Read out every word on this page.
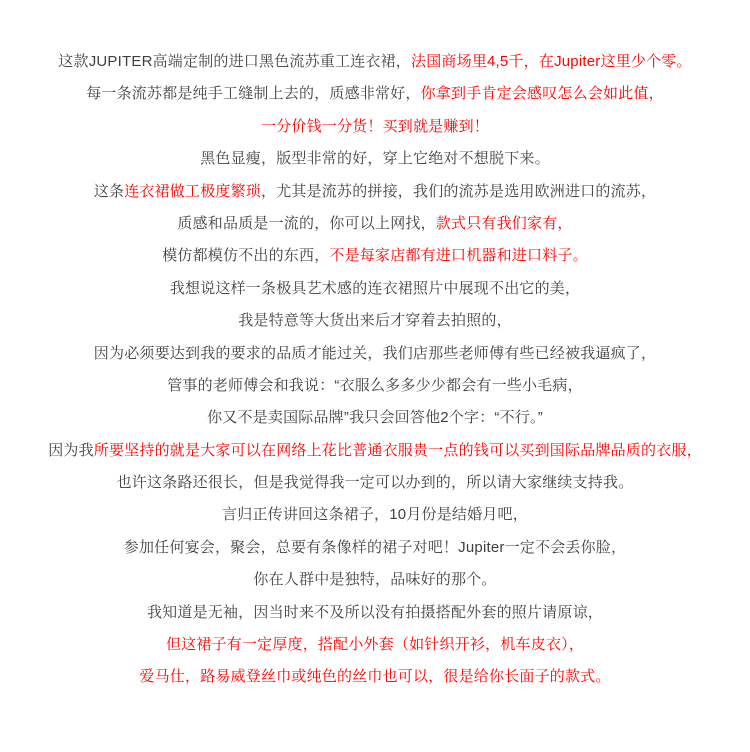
这款JUPITER高端定制的进口黑色流苏重工连衣裙，法国商场里4,5千，在Jupiter这里少个零。
每一条流苏都是纯手工缝制上去的，质感非常好，你拿到手肯定会感叹怎么会如此值，
一分价钱一分货！买到就是赚到！
黑色显瘦，版型非常的好，穿上它绝对不想脱下来。
这条连衣裙做工极度繁琐，尤其是流苏的拼接，我们的流苏是选用欧洲进口的流苏，
质感和品质是一流的，你可以上网找，款式只有我们家有，
模仿都模仿不出的东西，不是每家店都有进口机器和进口料子。
我想说这样一条极具艺术感的连衣裙照片中展现不出它的美，
我是特意等大货出来后才穿着去拍照的，
因为必须要达到我的要求的品质才能过关，我们店那些老师傅有些已经被我逼疯了，
管事的老师傅会和我说：“衣服么多多少少都会有一些小毛病，
你又不是卖国际品牌”我只会回答他2个字：“不行。”
因为我所要坚持的就是大家可以在网络上花比普通衣服贵一点的钱可以买到国际品牌品质的衣服，
也许这条路还很长，但是我觉得我一定可以办到的，所以请大家继续支持我。
言归正传讲回这条裙子，10月份是结婚月吧，
参加任何宴会，聚会，总要有条像样的裙子对吧！Jupiter一定不会丢你脸，
你在人群中是独特，品味好的那个。
我知道是无袖，因当时来不及所以没有拍摄搭配外套的照片请原谅，
但这裙子有一定厚度，搭配小外套（如针织开衫，机车皮衣），
爱马仕，路易威登丝巾或纯色的丝巾也可以，很是给你长面子的款式。
